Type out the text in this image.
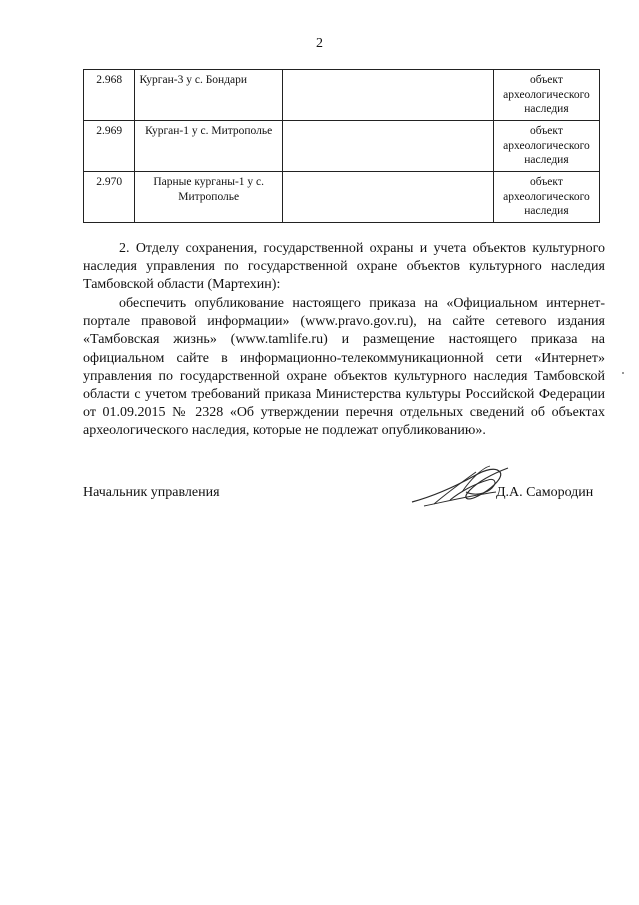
2
2.968	Курган-3 у с. Бондари		объект археологического наследия
2.969	Курган-1 у с. Митрополье		объект археологического наследия
2.970	Парные курганы-1 у с. Митрополье		объект археологического наследия

2. Отделу сохранения, государственной охраны и учета объектов культурного наследия управления по государственной охране объектов культурного наследия Тамбовской области (Мартехин):

обеспечить опубликование настоящего приказа на «Официальном интернет-портале правовой информации» (www.pravo.gov.ru), на сайте сетевого издания «Тамбовская жизнь» (www.tamlife.ru) и размещение настоящего приказа на официальном сайте в информационно-телекоммуникационной сети «Интернет» управления по государственной охране объектов культурного наследия Тамбовской области с учетом требований приказа Министерства культуры Российской Федерации от 01.09.2015 № 2328 «Об утверждении перечня отдельных сведений об объектах археологического наследия, которые не подлежат опубликованию».

Начальник управления	Д.А. Самородин
